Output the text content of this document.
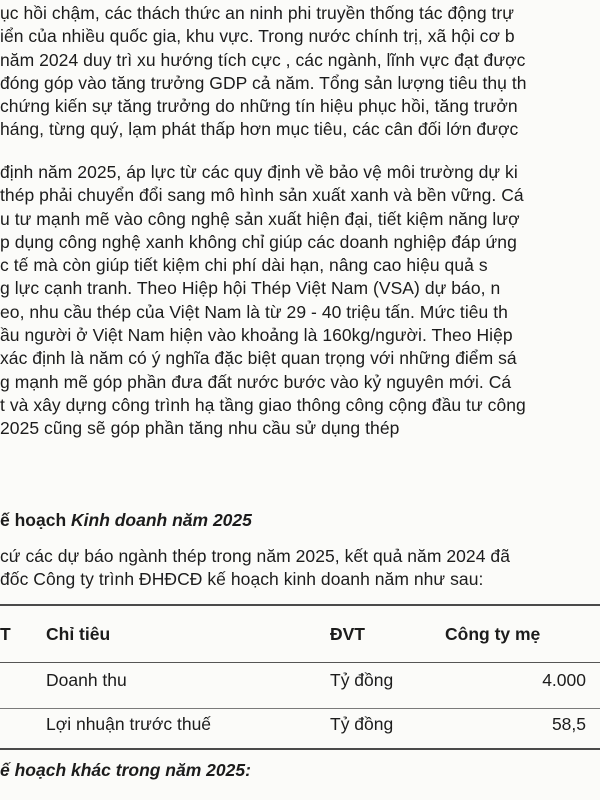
ục hồi chậm, các thách thức an ninh phi truyền thống tác động trự
iển của nhiều quốc gia, khu vực. Trong nước chính trị, xã hội cơ b
năm 2024 duy trì xu hướng tích cực , các ngành, lĩnh vực đạt được
đóng góp vào tăng trưởng GDP cả năm. Tổng sản lượng tiêu thụ th
chứng kiến sự tăng trưởng do những tín hiệu phục hồi, tăng trưởn
háng, từng quý, lạm phát thấp hơn mục tiêu, các cân đối lớn được
định năm 2025, áp lực từ các quy định về bảo vệ môi trường dự ki
thép phải chuyển đổi sang mô hình sản xuất xanh và bền vững. Cá
u tư mạnh mẽ vào công nghệ sản xuất hiện đại, tiết kiệm năng lượ
p dụng công nghệ xanh không chỉ giúp các doanh nghiệp đáp ứng
c tế mà còn giúp tiết kiệm chi phí dài hạn, nâng cao hiệu quả s
g lực cạnh tranh. Theo Hiệp hội Thép Việt Nam (VSA) dự báo, n
eo, nhu cầu thép của Việt Nam là từ 29 - 40 triệu tấn. Mức tiêu th
ầu người ở Việt Nam hiện vào khoảng là 160kg/người. Theo Hiệp
xác định là năm có ý nghĩa đặc biệt quan trọng với những điểm sá
g mạnh mẽ góp phần đưa đất nước bước vào kỷ nguyên mới. Cá
t và xây dựng công trình hạ tầng giao thông công cộng đầu tư công
2025 cũng sẽ góp phần tăng nhu cầu sử dụng thép
ế hoạch Kinh doanh năm 2025
cứ các dự báo ngành thép trong năm 2025, kết quả năm 2024 đã
đốc Công ty trình ĐHĐCĐ kế hoạch kinh doanh năm như sau:
T Chỉ tiêu	ĐVT	Công ty mẹ
Doanh thu	Tỷ đồng	4.000
Lợi nhuận trước thuế	Tỷ đồng	58,5
ế hoạch khác trong năm 2025:
